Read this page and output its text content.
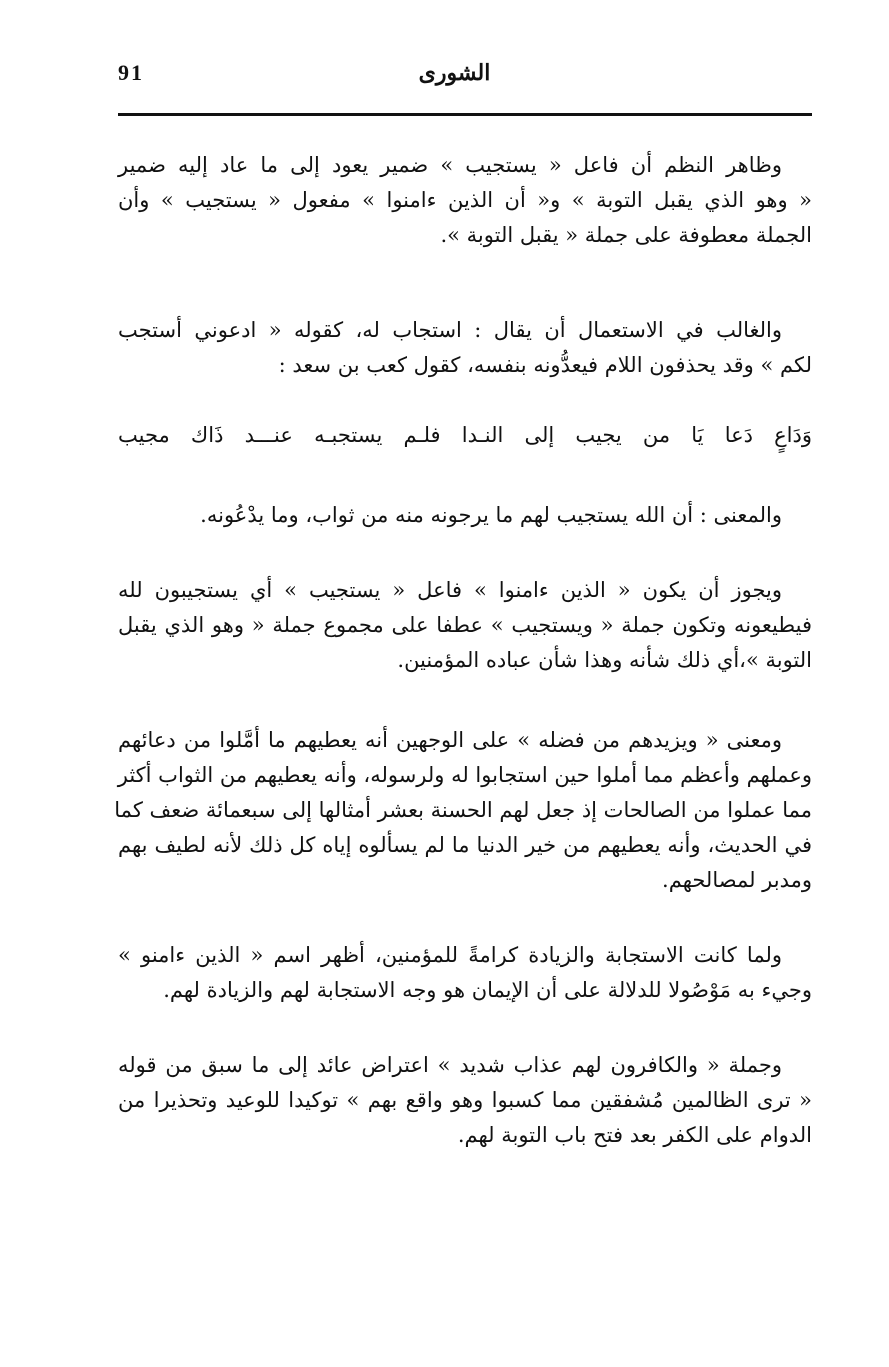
91	الشورى
وظاهر النظم أن فاعل « يستجيب » ضمير يعود إلى ما عاد إليه ضمير
« وهو الذي يقبل التوبة » و« أن الذين ءامنوا » مفعول « يستجيب » وأن
الجملة معطوفة على جملة « يقبل التوبة ».
والغالب في الاستعمال أن يقال : استجاب له، كقوله « ادعوني أستجب
لكم » وقد يحذفون اللام فيعدُّونه بنفسه، كقول كعب بن سعد :
وَدَاعٍ دَعا يَا من يجيب إلى النـدا فلـم يستجبـه عنـــد ذَاك مجيب
والمعنى : أن الله يستجيب لهم ما يرجونه منه من ثواب، وما يدْعُونه.
ويجوز أن يكون « الذين ءامنوا » فاعل « يستجيب » أي يستجيبون لله
فيطيعونه وتكون جملة « ويستجيب » عطفا على مجموع جملة « وهو الذي يقبل
التوبة »،أي ذلك شأنه وهذا شأن عباده المؤمنين.
ومعنى « ويزيدهم من فضله » على الوجهين أنه يعطيهم ما أمَّلوا من دعائهم
وعملهم وأعظم مما أملوا حين استجابوا له ولرسوله، وأنه يعطيهم من الثواب أكثر
مما عملوا من الصالحات إذ جعل لهم الحسنة بعشر أمثالها إلى سبعمائة ضعف كما
في الحديث، وأنه يعطيهم من خير الدنيا ما لم يسألوه إياه كل ذلك لأنه لطيف بهم
ومدبر لمصالحهم.
ولما كانت الاستجابة والزيادة كرامةً للمؤمنين، أظهر اسم « الذين ءامنو »
وجيء به مَوْصُولا للدلالة على أن الإيمان هو وجه الاستجابة لهم والزيادة لهم.
وجملة « والكافرون لهم عذاب شديد » اعتراض عائد إلى ما سبق من قوله
« ترى الظالمين مُشفقين مما كسبوا وهو واقع بهم » توكيدا للوعيد وتحذيرا من
الدوام على الكفر بعد فتح باب التوبة لهم.
